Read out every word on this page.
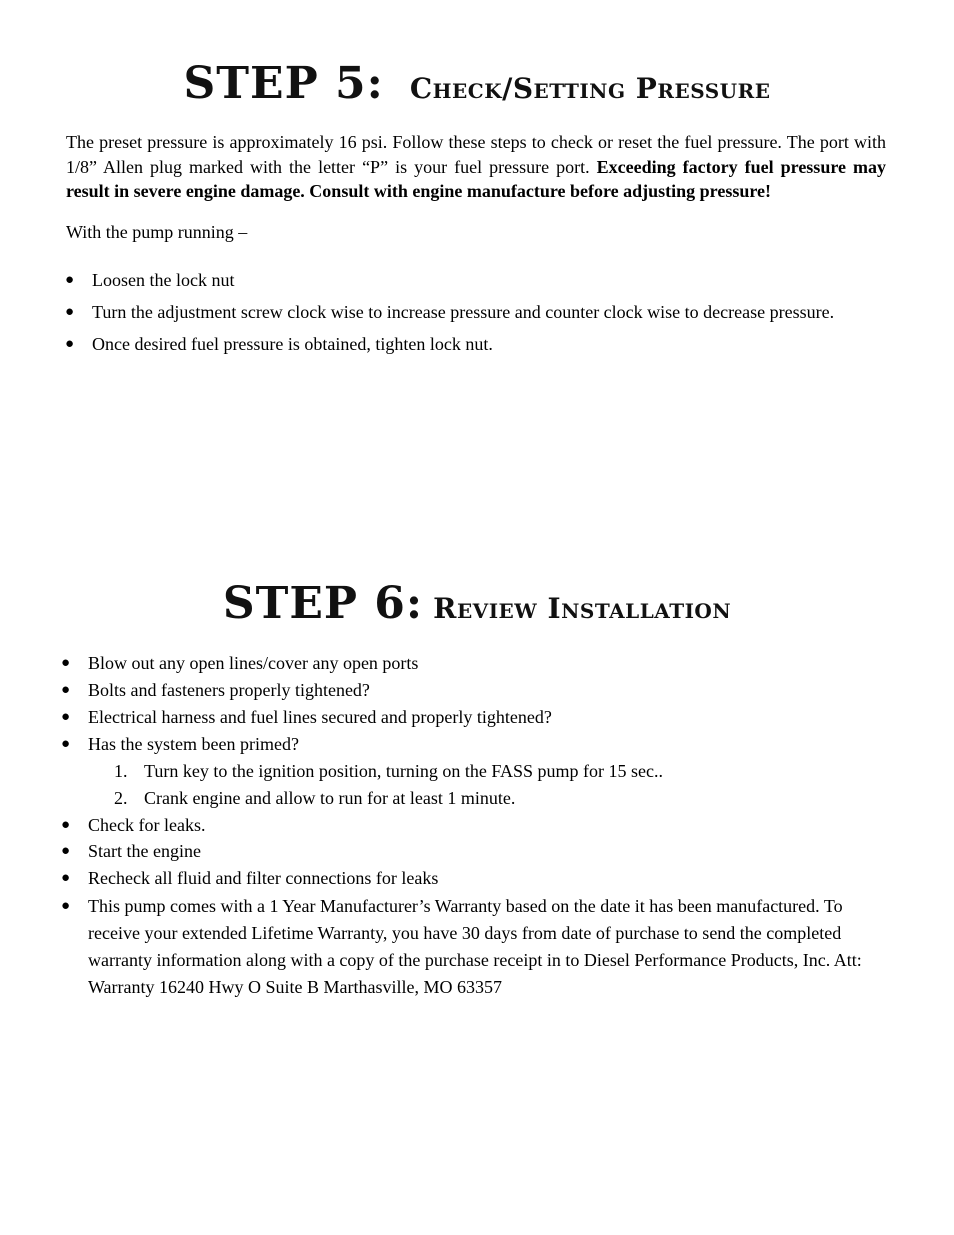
STEP 5: Check/Setting Pressure
The preset pressure is approximately 16 psi. Follow these steps to check or reset the fuel pressure. The port with 1/8” Allen plug marked with the letter “P” is your fuel pressure port. Exceeding factory fuel pressure may result in severe engine damage. Consult with engine manufacture before adjusting pressure!
With the pump running –
● Loosen the lock nut
● Turn the adjustment screw clock wise to increase pressure and counter clock wise to decrease pressure.
● Once desired fuel pressure is obtained, tighten lock nut.
STEP 6: Review Installation
● Blow out any open lines/cover any open ports
● Bolts and fasteners properly tightened?
● Electrical harness and fuel lines secured and properly tightened?
● Has the system been primed?
1. Turn key to the ignition position, turning on the FASS pump for 15 sec..
2. Crank engine and allow to run for at least 1 minute.
● Check for leaks.
● Start the engine
● Recheck all fluid and filter connections for leaks
● This pump comes with a 1 Year Manufacturer’s Warranty based on the date it has been manufactured. To receive your extended Lifetime Warranty, you have 30 days from date of purchase to send the completed warranty information along with a copy of the purchase receipt in to Diesel Performance Products, Inc. Att: Warranty 16240 Hwy O Suite B Marthasville, MO 63357
